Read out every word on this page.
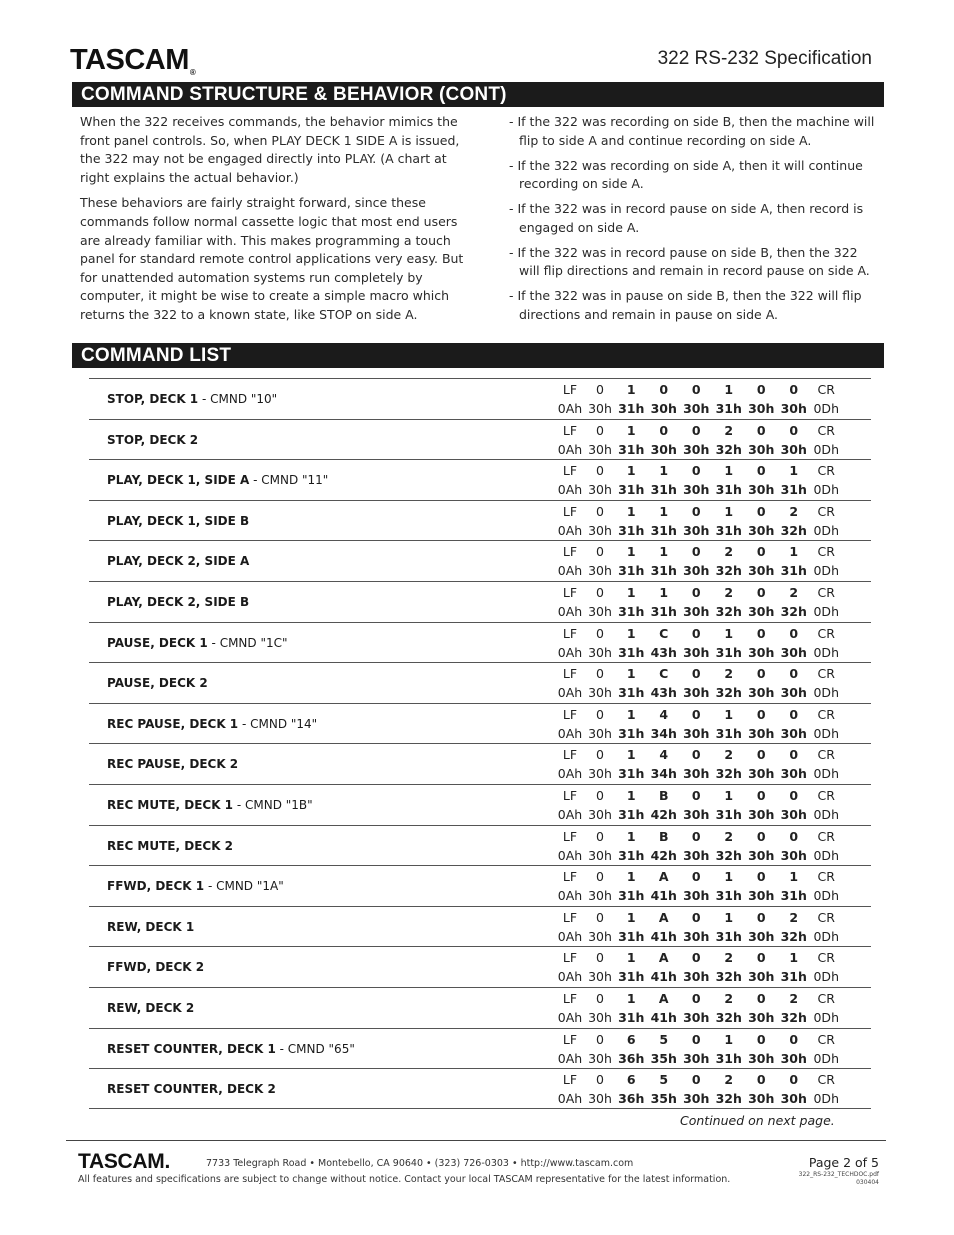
TASCAM®
322 RS-232 Specification
COMMAND STRUCTURE & BEHAVIOR (CONT)

When the 322 receives commands, the behavior mimics the front panel controls. So, when PLAY DECK 1 SIDE A is issued, the 322 may not be engaged directly into PLAY. (A chart at right explains the actual behavior.)

These behaviors are fairly straight forward, since these commands follow normal cassette logic that most end users are already familiar with. This makes programming a touch panel for standard remote control applications very easy. But for unattended automation systems run completely by computer, it might be wise to create a simple macro which returns the 322 to a known state, like STOP on side A.

- If the 322 was recording on side B, then the machine will flip to side A and continue recording on side A.
- If the 322 was recording on side A, then it will continue recording on side A.
- If the 322 was in record pause on side A, then record is engaged on side A.
- If the 322 was in record pause on side B, then the 322 will flip directions and remain in record pause on side A.
- If the 322 was in pause on side B, then the 322 will flip directions and remain in pause on side A.
COMMAND LIST
STOP, DECK 1 - CMND "10"
LF 0 1 0 0 1 0 0 CR
0Ah 30h 31h 30h 30h 31h 30h 30h 0Dh
STOP, DECK 2
LF 0 1 0 0 2 0 0 CR
0Ah 30h 31h 30h 30h 32h 30h 30h 0Dh
PLAY, DECK 1, SIDE A - CMND "11"
LF 0 1 1 0 1 0 1 CR
0Ah 30h 31h 31h 30h 31h 30h 31h 0Dh
PLAY, DECK 1, SIDE B
LF 0 1 1 0 1 0 2 CR
0Ah 30h 31h 31h 30h 31h 30h 32h 0Dh
PLAY, DECK 2, SIDE A
LF 0 1 1 0 2 0 1 CR
0Ah 30h 31h 31h 30h 32h 30h 31h 0Dh
PLAY, DECK 2, SIDE B
LF 0 1 1 0 2 0 2 CR
0Ah 30h 31h 31h 30h 32h 30h 32h 0Dh
PAUSE, DECK 1 - CMND "1C"
LF 0 1 C 0 1 0 0 CR
0Ah 30h 31h 43h 30h 31h 30h 30h 0Dh
PAUSE, DECK 2
LF 0 1 C 0 2 0 0 CR
0Ah 30h 31h 43h 30h 32h 30h 30h 0Dh
REC PAUSE, DECK 1 - CMND "14"
LF 0 1 4 0 1 0 0 CR
0Ah 30h 31h 34h 30h 31h 30h 30h 0Dh
REC PAUSE, DECK 2
LF 0 1 4 0 2 0 0 CR
0Ah 30h 31h 34h 30h 32h 30h 30h 0Dh
REC MUTE, DECK 1 - CMND "1B"
LF 0 1 B 0 1 0 0 CR
0Ah 30h 31h 42h 30h 31h 30h 30h 0Dh
REC MUTE, DECK 2
LF 0 1 B 0 2 0 0 CR
0Ah 30h 31h 42h 30h 32h 30h 30h 0Dh
FFWD, DECK 1 - CMND "1A"
LF 0 1 A 0 1 0 1 CR
0Ah 30h 31h 41h 30h 31h 30h 31h 0Dh
REW, DECK 1
LF 0 1 A 0 1 0 2 CR
0Ah 30h 31h 41h 30h 31h 30h 32h 0Dh
FFWD, DECK 2
LF 0 1 A 0 2 0 1 CR
0Ah 30h 31h 41h 30h 32h 30h 31h 0Dh
REW, DECK 2
LF 0 1 A 0 2 0 2 CR
0Ah 30h 31h 41h 30h 32h 30h 32h 0Dh
RESET COUNTER, DECK 1 - CMND "65"
LF 0 6 5 0 1 0 0 CR
0Ah 30h 36h 35h 30h 31h 30h 30h 0Dh
RESET COUNTER, DECK 2
LF 0 6 5 0 2 0 0 CR
0Ah 30h 36h 35h 30h 32h 30h 30h 0Dh
Continued on next page.
TASCAM.	7733 Telegraph Road • Montebello, CA 90640 • (323) 726-0303 • http://www.tascam.com
All features and specifications are subject to change without notice. Contact your local TASCAM representative for the latest information.
Page 2 of 5
322_RS-232_TECHDOC.pdf
030404
